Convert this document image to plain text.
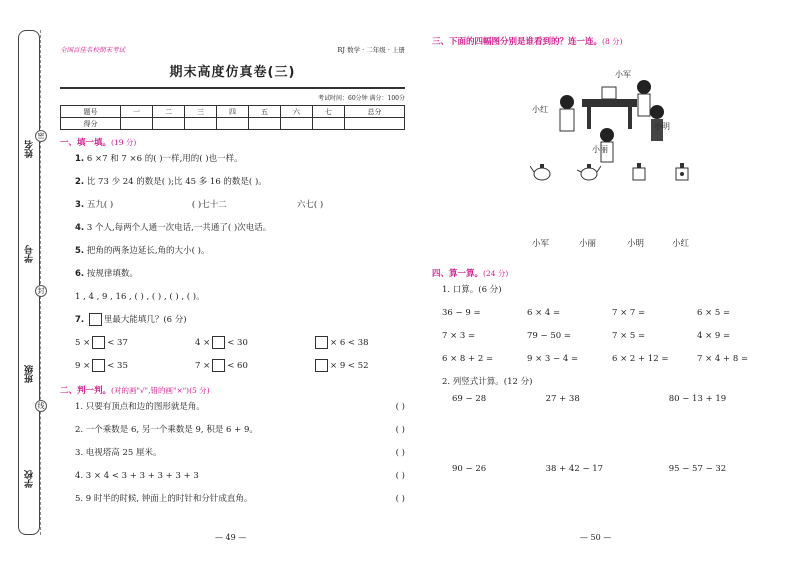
学校
班级
学号
姓名
密
封
线
全国百佳名校期末考试	RJ 数学 · 二年级 · 上册
期末高度仿真卷(三)
考试时间：60分钟 满分：100分
题号	一	二	三	四	五	六	七	总分
得分								
一、填一填。(19 分)
1. 6 ×7 和 7 ×6 的( )一样,用的( )也一样。
2. 比 73 少 24 的数是( );比 45 多 16 的数是( )。
3.
五九( )	( )七十二	六七( )
4. 3 个人,每两个人通一次电话,一共通了( )次电话。
5. 把角的两条边延长,角的大小( )。
6. 按规律填数。
1 , 4 , 9 , 16 , ( ) , ( ) , ( ) , ( )。
7. 里最大能填几？(6 分)
5 × < 37	4 × < 30	× 6 < 38
9 × < 35	7 × < 60	× 9 < 52
二、判一判。(对的画"√",错的画"×")(5 分)
1. 只要有顶点和边的图形就是角。	( )
2. 一个乘数是 6, 另一个乘数是 9, 积是 6 + 9。	( )
3. 电视塔高 25 厘米。	( )
4. 3 × 4 < 3 + 3 + 3 + 3 + 3	( )
5. 9 时半的时候, 钟面上的时针和分针成直角。	( )
— 49 —
三、下面的四幅图分别是谁看到的？连一连。(8 分)
小军
小红
小明
小丽
小军	小丽	小明	小红
四、算一算。(24 分)
1. 口算。(6 分)
36 − 9 =	6 × 4 =	7 × 7 =	6 × 5 =
7 × 3 =	79 − 50 =	7 × 5 =	4 × 9 =
6 × 8 + 2 =	9 × 3 − 4 =	6 × 2 + 12 =	7 × 4 + 8 =
2. 列竖式计算。(12 分)
69 − 28	27 + 38	80 − 13 + 19
90 − 26	38 + 42 − 17	95 − 57 − 32
— 50 —
